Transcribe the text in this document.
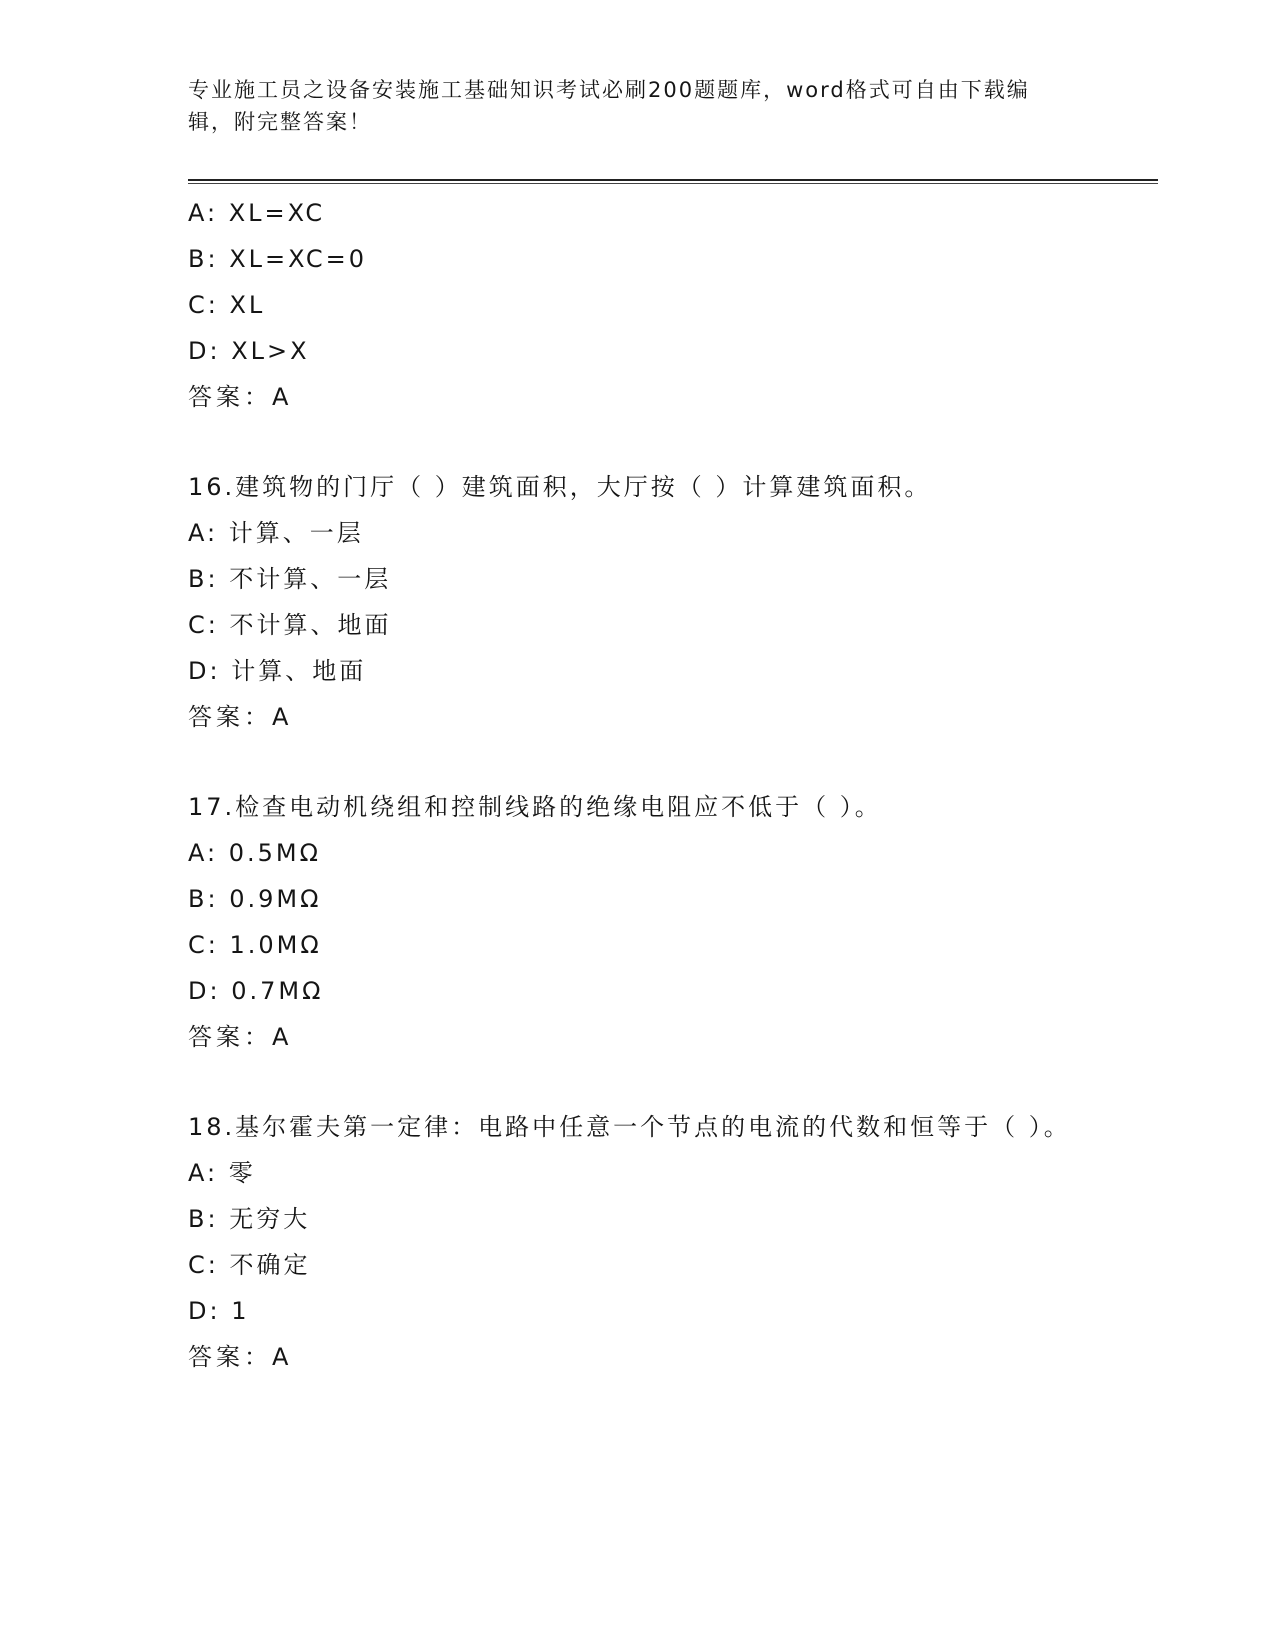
专业施工员之设备安装施工基础知识考试必刷200题题库，word格式可自由下载编辑，附完整答案！
A: XL=XC
B: XL=XC=0
C: XL
D: XL>X
答案：A
16.建筑物的门厅（ ）建筑面积，大厅按（ ）计算建筑面积。
A: 计算、一层
B: 不计算、一层
C: 不计算、地面
D: 计算、地面
答案：A
17.检查电动机绕组和控制线路的绝缘电阻应不低于（ ）。
A: 0.5MΩ
B: 0.9MΩ
C: 1.0MΩ
D: 0.7MΩ
答案：A
18.基尔霍夫第一定律：电路中任意一个节点的电流的代数和恒等于（ ）。
A: 零
B: 无穷大
C: 不确定
D: 1
答案：A
